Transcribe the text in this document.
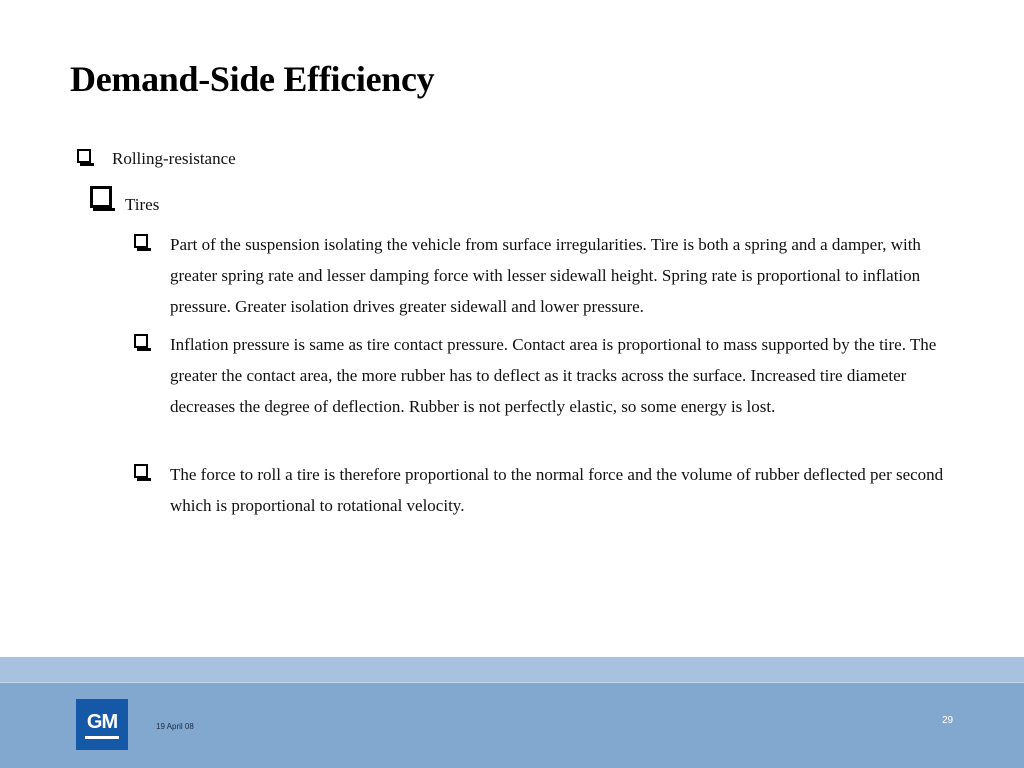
Demand-Side Efficiency
Rolling-resistance
Tires
Part of the suspension isolating the vehicle from surface irregularities. Tire is both a spring and a damper, with greater spring rate and lesser damping force with lesser sidewall height. Spring rate is proportional to inflation pressure. Greater isolation drives greater sidewall and lower pressure.
Inflation pressure is same as tire contact pressure. Contact area is proportional to mass supported by the tire. The greater the contact area, the more rubber has to deflect as it tracks across the surface. Increased tire diameter decreases the degree of deflection. Rubber is not perfectly elastic, so some energy is lost.
The force to roll a tire is therefore proportional to the normal force and the volume of rubber deflected per second which is proportional to rotational velocity.
GM	19 April 08
29
